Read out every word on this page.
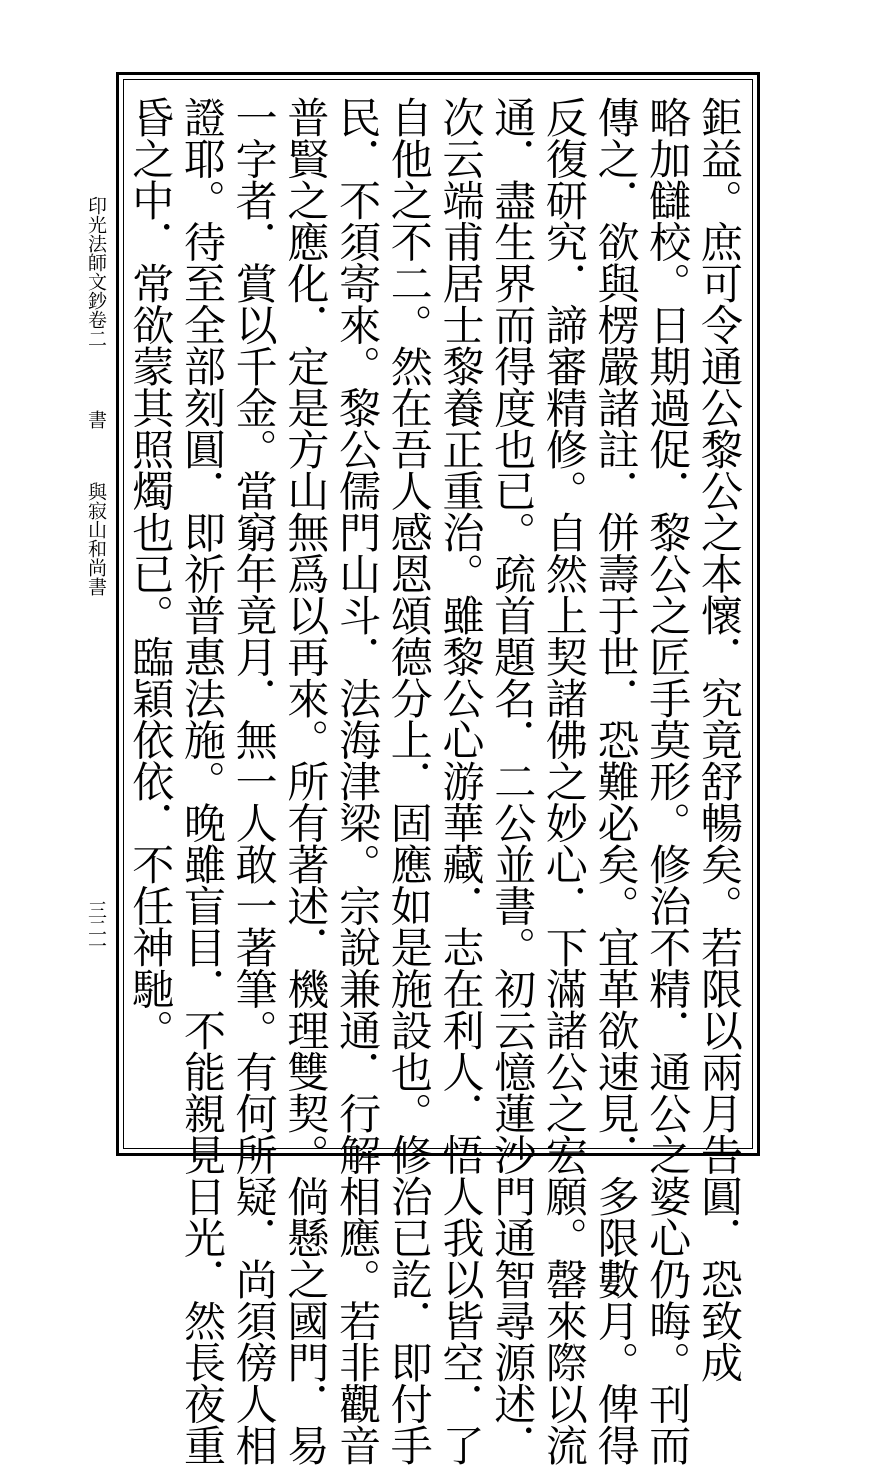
鉅益。庶可令通公黎公之本懷．究竟舒暢矣。若限以兩月告圓．恐致成
略加讎校。日期過促．黎公之匠手莫形。修治不精．通公之婆心仍晦。刊而
傳之．欲與楞嚴諸註．併壽于世．恐難必矣。宜革欲速見．多限數月。俾得
反復研究．諦審精修。自然上契諸佛之妙心．下滿諸公之宏願。罄來際以流
通．盡生界而得度也已。疏首題名．二公並書。初云憶蓮沙門通智尋源述．
次云端甫居士黎養正重治。雖黎公心游華藏．志在利人．悟人我以皆空．了
自他之不二。然在吾人感恩頌德分上．固應如是施設也。修治已訖．即付手
民．不須寄來。黎公儒門山斗．法海津梁。宗說兼通．行解相應。若非觀音
普賢之應化．定是方山無爲以再來。所有著述．機理雙契。倘懸之國門．易
一字者．賞以千金。當窮年竟月．無一人敢一著筆。有何所疑．尚須傍人相
證耶。待至全部刻圓．即祈普惠法施。晚雖盲目．不能親見日光．然長夜重
昏之中．常欲蒙其照燭也已。臨穎依依．不任神馳。
印光法師文鈔卷二
書
與寂山和尚書
三二一
